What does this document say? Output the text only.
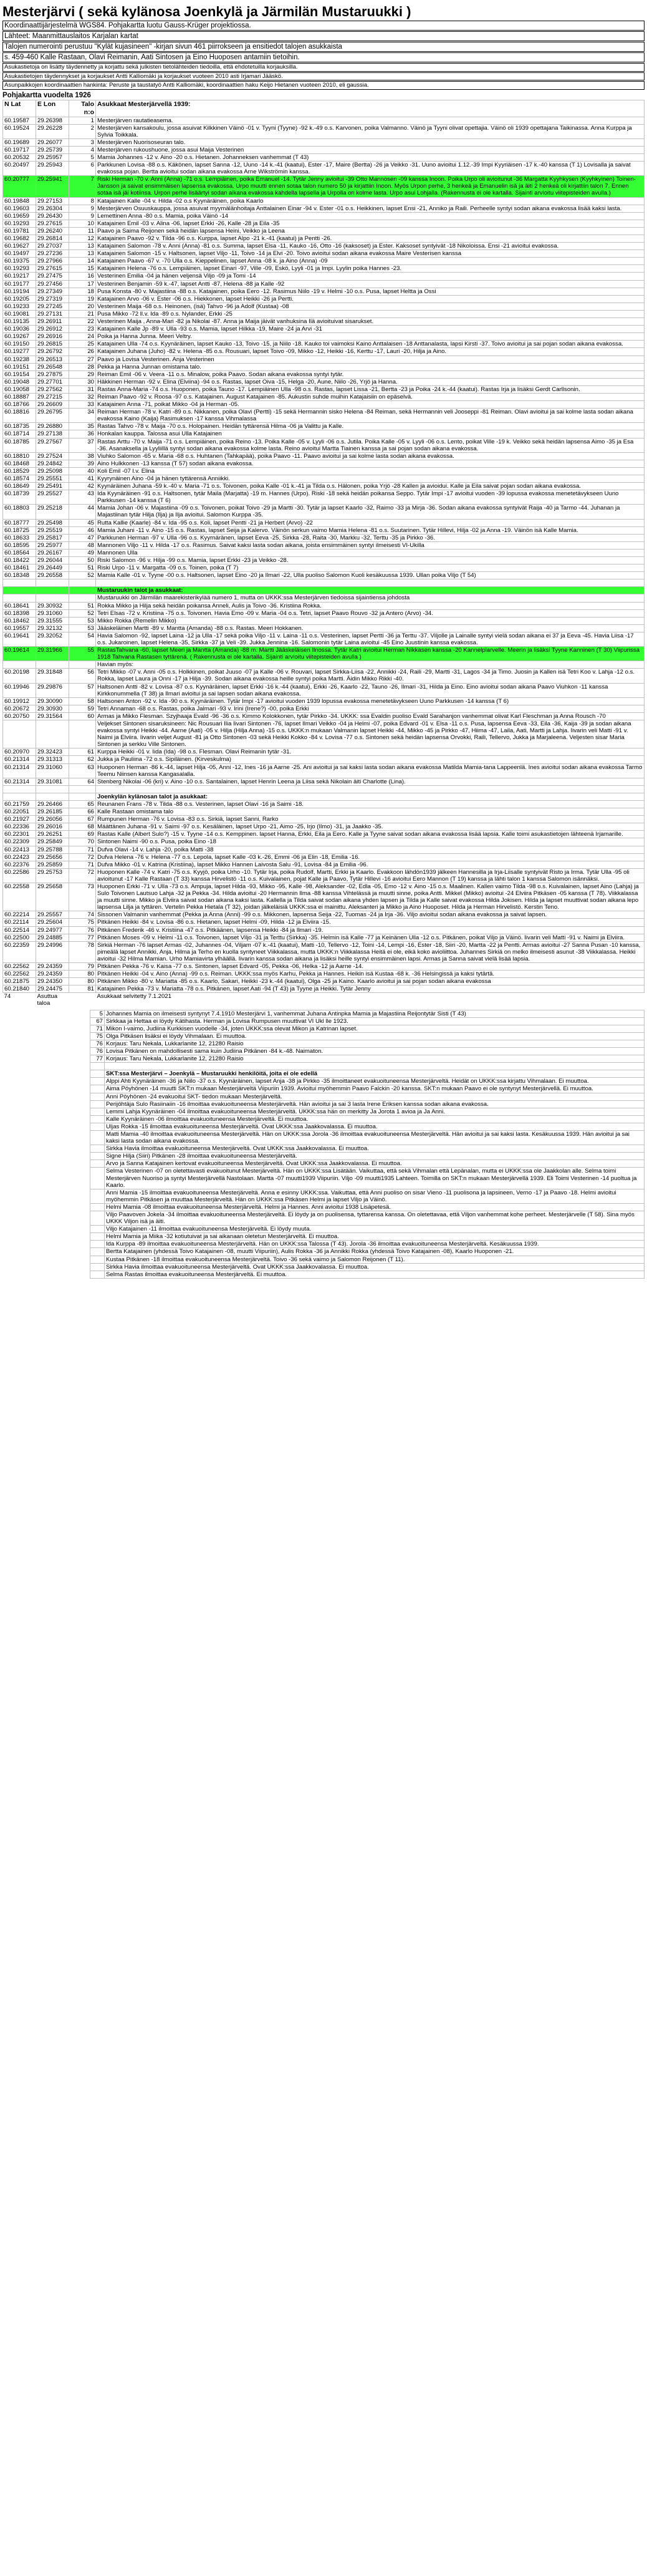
Mesterjärvi ( sekä kylänosa Joenkylä ja Järmilän Mustaruukki )
Koordinaattijärjestelmä WGS84. Pohjakartta luotu Gauss-Krüger projektiossa.
Lähteet: Maanmittauslaitos Karjalan kartat
Talojen numerointi perustuu "Kylät kujasineen" -kirjan sivun 461 piirrokseen ja ensitiedot talojen asukkaista
s. 459-460 Kalle Rastaan, Olavi Reimanin, Aati Sintosen ja Eino Huoposen antamiin tietoihin.
Asukastietoja on lisätty täydennetty ja korjattu sekä julkisten tietolähteiden tiedoilla, että ehdotetuilla korjauksilla.
Asukastietojen täydennykset ja korjaukset Antti Kalliomäki ja korjaukset vuoteen 2010 asti Irjamari Jääskö.
Asunpaikkojen koordinaattien hankinta: Peruste ja taustatyö Antti Kalliomäki, koordinaattien haku Keijo Hietanen vuoteen 2010, eli gaussia.
Pohjakartta vuodelta 1926
N Lat	E Lon	Talo n:o	Asukkaat Mesterjärvellä 1939:
60.19587	29.26398	1	Mesterjärven rautatieasema.
60.19524	29.26228	2	Mesterjärven kansakoulu, jossa asuivat Kilkkinen Väinö -01 v. Tyyni (Tyyne) -92 k.-49 o.s. Karvonen, poika Valmanno. Väinö ja Tyyni olivat opettajia. Väinö oli 1939 opettajana Taikinassa. Anna Kurppa ja Sylvia Toikkala.
60.19689	29.26077	3	Mesterjärven Nuorisoseuran talo.
60.19717	29.25739	4	Mesterjärven rukoushuone, jossa asui Maija Vesterinen
60.20532	29.25957	5	Mamia Johannes -12 v. Aino -20 o.s. Hietanen. Johanneksen vanhemmat (T 43)
60.20497	29.25943	6	Parkkunen Lovisa -88 o.s. Käkönen, lapset Sanna -12, Uuno -14 k.-41 (kaatui), Ester -17, Maire (Bertta) -26 ja Veikko -31. Uuno avioitui 1.12.-39 Impi Kyyriäisen -17 k.-40 kanssa (T 1) Lovisalla ja saivat evakossa pojan. Bertta avioitui sodan aikana evakossa Arne Wikströmin kanssa.
60.20777	29.25941	7	Riski Herman -70 v. Anni (Anna) -71 o.s. Lempiäinen, poika Emanuel -14. Tytär Jenny avioitui -39 Otto Mannosen -09 kanssa Inoon. Poika Urpo oli avioitunut -36 Margatta Kyyhkysen (Kyyhkyinen) Toinen-Jansson ja saivat ensimmäisen lapsensa evakossa. Urpo muutti ennen sotaa talon numero 50 ja kirjattiin Inoon. Myös Urpon perhe, 3 henkeä ja Emanuelin isä ja äiti 2 henkeä oli kirjattiin talon 7. Ennen sotaa isä jäi kotiinsa. Urpon perhe lisäärtyi sodan aikana evakossa kahdella lapsella ja Urpolla on kolme lasta. Urpo asui Lohjalla. (Rakennusta ei ole kartalla. Sijainti arvioitu viitepisteiden avulla.)
60.19848	29.27153	8	Katajainen Kalle -04 v. Hilda -02 o.s Kyynäräinen, poika Kaarlo
60.19603	29.26304	9	Mesterjärven Osuuskauppa, jossa asuivat myymälänhoitaja Anttalainen Einar -94 v. Ester -01 o.s. Heikkinen, lapset Ensi -21, Anniko ja Raili. Perheelle syntyi sodan aikana evakossa lisää kaksi lasta.
60.19659	29.26430	9	Lemettinen Anna -80 o.s. Mamia, poika Väinö -14
60.19293	29.27615	10	Katajainen Emil -03 v. Alina -06, lapset Erkki -26, Kalle -28 ja Eila -35
60.19781	29.26240	11	Paavo ja Saima Reijonen sekä heidän lapsensa Heini, Veikko ja Leena
60.19682	29.26814	12	Katajainen Paavo -92 v. Tilda -96 o.s. Kurppa, lapset Alpo -21 k.-41 (kaatui) ja Pentti -26.
60.19627	29.27037	13	Katajainen Salomon -78 v. Anni (Anna) -81 o.s. Summa, lapset Elsa -11, Kauko -16, Otto -16 (kaksoset) ja Ester. Kaksoset syntyivät -18 Nikoloissa. Ensi -21 avioitui evakossa.
60.19497	29.27236	13	Katajainen Salomon -15 v. Haltsonen, lapset Viljo -11, Toivo -14 ja Elvi -20. Toivo avioitui sodan aikana evakossa Maire Vesterisen kanssa
60.19375	29.27966	14	Katajainen Paavo -67 v. -70 Ulla o.s. Kieppelinen, lapset Anna -08 k. ja Aino (Anna) -09
60.19293	29.27615	15	Katajainen Helena -76 o.s. Lempiäinen, lapset Einari -97, Ville -09, Eskö, Lyyli -01 ja Impi. Lyylin poika Hannes -23.
60.19217	29.27475	16	Vesterinen Emilia -04 ja hänen veljensä Viljo -09 ja Tomi -14
60.19177	29.27456	17	Vesterinen Benjamin -59 k.-47, lapset Antti -87, Helena -88 ja Kalle -92
60.19194	29.27349	18	Pusa Konsta -80 v. Majastiina -88 o.s. Katajainen, poika Eero -12. Rasimus Niilo -19 v. Helmi -10 o.s. Pusa, lapset Heltta ja Ossi
60.19205	29.27319	19	Katajainen Arvo -06 v. Ester -06 o.s. Hiekkonen, lapset Heikki -26 ja Pertti.
60.19233	29.27245	20	Vesterinen Maija -68 o.s. Heinonen, (isä) Tahvo -96 ja Adolf (Kustaa) -08
60.19081	29.27131	21	Pusa Mikko -72 ll.v. Ida -89 o.s. Nylander, Erkki -25
60.19135	29.26911	22	Vesterinen Maija , Anna-Mari -82 ja Nikolai -87. Anna ja Maija jäivät vanhuksina Ilä avioituivat sisarukset.
60.19036	29.26912	23	Katajainen Kalle Jp -89 v. Ulla -93 o.s. Mamia, lapset Hilkka -19, Maire -24 ja Arvi -31
60.19267	29.26916	24	Poika ja Hanna Junna. Meeri Veltry.
60.19150	29.26815	25	Katajainen Ulla -74 o.s. Kyynäräinen, lapset Kauko -13, Toivo -15, ja Niilo -18. Kauko toi vaimoksi Kaino Anttalaisen -18 Anttanalasta, lapsi Kirsti -37. Toivo avioitui ja sai pojan sodan aikana evakossa.
60.19277	29.26792	26	Katajainen Juhana (Juho) -82 v. Helena -85 o.s. Rousuari, lapset Toivo -09, Mikko -12, Heikki -16, Kerttu -17, Lauri -20, Hilja ja Aino.
60.19238	29.26513	27	Paavo ja Lovisa Vesterinen. Anja Vesterinen
60.19151	29.26548	28	Pekka ja Hanna Junnan omistama talo.
60.19154	29.27875	29	Reiman Emil -06 v. Veera -11 o.s. Minalow, poika Paavo. Sodan aikana evakossa syntyi tytär.
60.19048	29.27701	30	Häkkinen Herman -92 v. Elina (Elviina) -94 o.s. Rastas, lapset Oiva -15, Helga -20, Aune, Niilo -26, Yrjö ja Hanna.
60.19058	29.27562	31	Rastas Anna-Maria -74 o.s. Huoponen, poika Tauno -17. Lempiäinen Ulla -98 o.s. Rastas, lapset Lissa -21, Bertta -23 ja Poika -24 k.-44 (kaatui). Rastas Irja ja lisäksi Gerdt Carllsonin.
60.18887	29.27215	32	Reiman Paavo -92 v. Roosa -97 o.s. Katajainen. August Katajainen -85. Aukustin suhde muihin Katajaisiin on epäselvä.
60.18766	29.26609	33	Katajainen Anna -71, poikat Mikko -04 ja Herman -05.
60.18816	29.26795	34	Reiman Herman -78 v. Katri -89 o.s. Nikkanen, poika Olavi (Pertti) -15 sekä Hermannin sisko Helena -84 Reiman, sekä Hermannin veli Jooseppi -81 Reiman. Olavi avioitui ja sai kolme lasta sodan aikana evakossa Kaino (Kaija) Rasimuksen -17 kanssa Vihmalassa
60.18735	29.26880	35	Rastas Tahvo -78 v. Maija -70 o.s. Holopainen. Heidän tyttärensä Hilma -06 ja Valittu ja Kalle.
60.18714	29.27138	36	Honkalan kauppa. Talossa asui Ulla Katajainen
60.18785	29.27567	37	Rastas Arttu -70 v. Maija -71 o.s. Lempiäinen, poika Reino -13. Poika Kalle -05 v. Lyyli -06 o.s. Jutila. Poika Kalle -05 v. Lyyli -06 o.s. Lento, poikat Ville -19 k. Veikko sekä heidän lapsensa Aimo -35 ja Esa -36. Asanaksella ja Lyyliillä syntyi sodan aikana evakossa kolme lasta. Reino avioitui Martta Tiainen kanssa ja sai pojan sodan aikana evakossa.
60.18810	29.27524	38	Viuhko Salomon -65 v. Maria -68 o.s. Huhtanen (Tahkapää), poika Paavo -11. Paavo avioitui ja sai kolme lasta sodan aikana evakossa.
60.18468	29.24842	39	Aino Hulkkonen -13 kanssa (T 57) sodan aikana evakossa.
60.18529	29.25098	40	Koli Emil -07 l.v. Elina
60.18574	29.25551	41	Kyyrynäinen Aino -04 ja hänen tyttärensä Anniikki.
60.18649	29.25491	42	Kyynäräinen Juhana -59 k.-40 v. Maria -71 o.s. Toivonen, poika Kalle -01 k.-41 ja Tilda o.s. Hälonen, poika Yrjö -28 Kallen ja avioidui. Kalle ja Eila saivat pojan sodan aikana evakossa.
60.18739	29.25527	43	Ida Kyynäräinen -91 o.s. Haltsonen, tytär Maila (Marjatta) -19 m. Hannes (Urpo). Riski -18 sekä heidän poikansa Seppo. Tytär Impi -17 avioitui vuoden -39 lopussa evakossa menetetävykseen Uuno Parkkusen -14 kanssa (T 6)
60.18803	29.25218	44	Mamia Johan -06 v. Majastiina -09 o.s. Toivonen, poikat Toivo -29 ja Martti -30. Tytär ja lapset Kaarlo -32, Raimo -33 ja Mirja -36. Sodan aikana evakossa syntyivät Raija -40 ja Tarmo -44. Juhanan ja Majastiinan tytär Hilja (Ilja) ja Ilja avioitui. Salomon Kurppa -35.
60.18777	29.25498	45	Rutta Kallie (Kaarle) -84 v. Ida -95 o.s. Koli, lapset Pentti -21 ja Herbert (Arvo) -22
60.18725	29.25519	46	Mamia Juhani -11 v. Aino -15 o.s. Rastas, lapset Seija ja Kalervo. Väinön serkun vaimo Mamia Helena -81 o.s. Suutarinen. Tytär Hillevi, Hilja -02 ja Anna -19. Väinön isä Kalle Mamia.
60.18633	29.25817	47	Parkkunen Herman -97 v. Ulla -96 o.s. Kyyrnäränen, lapset Eeva -25, Sirkka -28, Raita -30, Markku -32, Terttu -35 ja Pirkko -36.
60.18595	29.25977	48	Mannonen Viljo -11 v. Hilda -17 o.s. Rasimus. Saivat kaksi lasta sodan aikana, joista ensimmäinen syntyi ilmeisesti VI-Ukilla
60.18564	29.26167	49	Mannonen Ulla
60.18422	29.26044	50	Riski Salomon -96 v. Hilja -99 o.s. Mamia, lapset Erkki -23 ja Veikko -28.
60.18461	29.26449	51	Riski Urpo -11 v. Margatta -09 o.s. Toinen, poika (T 7)
60.18348	29.26558	52	Mamia Kalle -01 v. Tyyne -00 o.s. Haltsonen, lapset Eino -20 ja Ilmari -22, Ulla puoliso Salomon Kuoli kesäkuussa 1939. Ullan poika Viljo (T 54)

			Mustaruukin talot ja asukkaat:
			Mustaruukki on Järmilän maarekisterikylää numero 1, mutta on UKKK:ssa Mesterjärven tiedoissa sijaintiensa johdosta
60.18641	29.30932	51	Rokka Mikko ja Hilja sekä heidän poikansa Anneli, Aulis ja Toivo -36. Kristiina Rokka.
60.18398	29.31060	52	Tetri Elsas -72 v. Kristiina -75 o.s. Toivonen. Havia Emo -09 v. Maria -04 o.s. Tetri, lapset Paavo Rouvo -32 ja Antero (Arvo) -34.
60.18462	29.31555	53	Mikko Rokka (Remelin Mikko)
60.19557	29.32132	53	Jääskeläinen Martti -89 v. Mantta (Amanda) -88 o.s. Rastas. Meeri Hokkanen.
60.19641	29.32052	54	Havia Salomon -92, lapset Laina -12 ja Ulla -17 sekä poika Viljo -11 v. Laina -11 o.s. Vesterinen, lapset Pertti -36 ja Terttu -37. Viljolle ja Lainalle syntyi vielä sodan aikana ei 37 ja Eeva -45. Havia Liisa -17 o.s. Jukaroinen, lapset Helena -35, Sirkka -37 ja Veli -39. Jukka Jennina -16. Salomonin tytär Laina avioitui -45 Eino Juustinin kanssa evakossa.
60.19614	29.31966	55	RastasTahvana -60, lapset Meeri ja Mantta (Amanda) -88 m. Martti Jääskeläisen Ilnossa. Tytär Katri avioitui Herman Nikkasen kanssa -20 Kannelplarvelle. Meerin ja lisäksi Tyyne Kanninen (T 30) Viipurissa 1918 Tahvana Rastasen tyttärenä. ( Rakennusta ei ole kartalla. Sijainti arvioitu viitepisteiden avulla )
			Havian myös:
60.20198	29.31848	56	Tetri Mikko -07 v. Anni -05 o.s. Holkkinen, poikat Juuso -07 ja Kalle -06 v. Rouvari, lapset Sirkka-Liisa -22, Annikki -24, Raili -29, Martti -31, Lagos -34 ja Timo. Juosin ja Kallen isä Tetri Koo v. Lahja -12 o.s. Rokka, lapset Laura ja Onni -17 ja Hilja -39. Sodan aikana evakossa heille syntyi poika Martti. Äidin Mikko Rikki -40.
60.19946	29.29876	57	Haltsonen Antti -82 v. Lovisa -87 o.s. Kyynäräinen, lapset Erkki -16 k.-44 (kaatui), Erkki -26, Kaarlo -22, Tauno -26, Ilmari -31, Hilda ja Eino. Eino avioitui sodan aikana Paavo Viuhkon -11 kanssa Kirkkonummella (T 38) ja Ilmari avioitui ja sai lapsen sodan aikana evakossa.
60.19912	29.30090	58	Haltsonen Anton -92 v. Ida -90 o.s. Kyynäräinen. Tytär Impi -17 avioitui vuoden 1939 lopussa evakossa menetetävykseen Uuno Parkkusen -14 kanssa (T 6)
60.20672	29.30930	59	Tetri Annaman -68 o.s. Rastas, poika Jalmari -93 v. Irini (Irene?) -00, poika Erkki
60.20750	29.31564	60	Armas ja Mikko Flesman. Szyjhaaja Evald -96 -36 o.s. Kimmo Kolokkonen, tytär Pirkko -34. UKKK: ssa Evaldin puoliso Evald Sarahanjon vanhemmat olivat Karl Fleschman ja Anna Rousch -70
			Veljekset Sintonen sisaruksineen: Nic Rousuari Ilia Iivari Sintonen -76, lapset Ilmari Veikko -04 ja Helmi -07, poika Edvard -01 v. Elsa -11 o.s. Pusa, lapsensa Eeva -33, Eila -36, Kaija -39 ja sodan aikana evakossa syntyi Heikki -44. Aarne (Aati) -05 v. Hilja (Hilja Anna) -15 o.s. UKKK:n mukaan Valmanin lapset Heikki -44, Mikko -45 ja Pirkko -47, Hiima -47, Laila, Aati, Martti ja Lahja. Iivarin veli Matti -91 v. Naimi ja Elviira. Iivarin veljet August -81 ja Otto Sintonen -03 sekä Heikki Kokko -84 v. Lovisa -77 o.s. Sintonen sekä heidän lapsensa Orvokki, Raili, Tellervo, Jukka ja Marjaleena. Veljesten sisar Maria Sintonen ja serkku Ville Sintonen.
60.20970	29.32423	61	Kurppa Heikki -01 v. Iida (Ida) -98 o.s. Flesman. Olavi Reimanin tytär -31.
60.21314	29.31313	62	Jukka ja Pauliina -72 o.s. Sipiläinen. (Kirveskulma)
60.21314	29.31060	63	Huoponen Herman -86 k.-44, lapset Hilja -05, Anni -12, Ines -16 ja Aarne -25. Ani avioitui ja sai kaksi lasta sodan aikana evakossa Matilda Mamia-tana Lappeenlä. Ines avioitui sodan aikana evakossa Tarmo Teemu Niinsen kanssa Kangasalalla.
60.21314	29.31081	64	Stenberg Nikolai -06 (kri) v. Aino -10 o.s. Santalainen, lapset Henrin Leena ja Liisa sekä Nikolain äiti Charlotte (Lina).

			Joenkylän kylänosan talot ja asukkaat:
60.21759	29.26466	65	Reunanen Frans -78 v. Tilda -88 o.s. Vesterinen, lapset Olavi -16 ja Saimi -18.
60.22051	29.26185	66	Kalle Rastaan omistama talo
60.21927	29.26056	67	Rumpunen Herman -76 v. Lovisa -83 o.s. Sirkiä, lapset Sanni, Rarko
60.22336	29.26016	68	Määttänen Juhana -91 v. Saimi -97 o.s. Kesäläinen, lapset Urpo -21, Aimo -25, Irjo (Ilmo) -31, ja Jaakko -35.
60.22301	29.26251	69	Rastas Kalle (Albert Sulo?) -15 v. Tyyne -14 o.s. Kemppinen. lapset Hanna, Erkki, Eila ja Eero. Kalle ja Tyyne saivat sodan aikana evakossa lisää lapsia. Kalle toimi asukastietojen lähteenä Irjamarille.
60.22309	29.25849	70	Sintonen Naimi -90 o.s. Pusa, poika Eino -18
60.22413	29.25788	71	Dufva Olavi -14 v. Lahja -20, poika Matti -38
60.22423	29.25656	72	Dufva Helena -76 v. Helena -77 o.s. Lepola, lapset Kalle -03 k.-26, Emmi -06 ja Elin -18, Emilia -16.
60.22376	29.25859	71	Dufva Mikko -01 v. Katrina (Kristiina), lapset Mikko Hannen Laivosta Salu -91, Lovisa -84 ja Emilia -96.
60.22586	29.25753	72	Huoponen Kalle -74 v. Katri -75 o.s. Kyyjö, poika Urho -10. Tytär Irja, poika Rudolf, Martti, Erkki ja Kaarlo. Evakkoon lähdön1939 jälkeen Hannesilla ja Irja-Liisalle syntyivät Risto ja Irma. Tytär Ulla -95 oli avioitunut -17 Kalle Rastaan (T 33) kanssa Hirvelistö -11 o.s. Kuivalainen, pojat Kalle ja Paavo, Tytär Hillevi -16 avioitui Eero Mannon (T 19) kanssa ja lähti talon 1 kanssa Salomon isännäksi.
60.22558	29.25658	73	Huoponen Erkki -71 v. Ulla -73 o.s. Ampuja, lapset Hilda -93, Mikko -95, Kalle -98, Aleksander -02, Edla -05, Emo -12 v. Aino -15 o.s. Maalinen. Kallen vaimo Tilda -98 o.s. Kuivalainen, lapset Aino (Lahja) ja Sulo Toivonen Lautsuo Lahja -32 ja Pekka -34. Hilda avioitui -20 Hermannin Ilma -88 kanssa Vihtelässä ja muutti sinne, poika Antti. Mikkel (Mikko) avioitui -24 Elviira Pitkäsen -05 kanssa (T 78). Viikkalassa ja muutti sinne. Mikko ja Elviira saivat sodan aikana kaksi lasta. Kallella ja Tilda saivat sodan aikana yhden lapsen ja Tilda ja Kalle saivat evakossa Hilda Jokisen. Hilda ja lapset muuttivat sodan aikana lepo lapsensa Lilja ja tyttären. Vertelin Pekka Hietala (T 32), joidan jälkeläisiä UKKK:ssa ei mainittu. Aleksanteri ja Mikko ja Aino Huoposet. Hilda ja Herman Hirvelistö. Kerstin Teno.
60.22214	29.25557	74	Sissonen Valmanin vanhemmat (Pekka ja Anna (Anni) -99 o.s. Mikkonen, lapsensa Seija -22, Tuomas -24 ja Irja -36. Viljo avioitui sodan aikana evakossa ja saivat lapsen.
60.22114	29.25604	75	Pitkänen Heikki -84 v. Lovisa -86 o.s. Hietanen, lapset Helmi -09, Hilda -12 ja Elviira -15.
60.22514	29.24977	76	Pitkänen Frederik -46 v. Kristiina -47 o.s. Pitkäänen, lapsensa Heikki -84 ja Ilmari -19.
60.22500	29.24885	77	Pitkänen Moses -09 v. Helmi -11 o.s. Toivonen, lapset Viljo -31 ja Terttu (Sirkka) -35. Helmin isä Kalle -77 ja Keinänen Ulla -12 o.s. Pitkänen, poikat Viljo ja Väinö. Iivarin veli Matti -91 v. Naimi ja Elviira.
60.22359	29.24996	78	Sirkiä Herman -76 lapset Armas -02, Juhannes -04, Viljam -07 k.-41 (kaatui), Matti -10, Tellervo -12, Toini -14, Lempi -16, Ester -18, Siiri -20, Martta -22 ja Pentti. Armas avioitui -27 Sanna Pusan -10 kanssa, pimeälä lapset Annikki, Anja, Hilma ja Terho en kuolla syntyneet Viikkalassa, mutta UKKK:n Viikkalassa Heitä ei ole, eikä koko avioliittoa. Juhannes Sirkiä on melko ilmeisesti asunut -38 Viikkalassa. Heikki avioitui -32 Hilma Mamian. Urho Mamiavirta ylhäällä. Iivarin kanssa sodan aikana ja lisäksi heille syntyi ensimmäinen lapsi. Armas ja Sanna saivat vielä lisää lapsia.
60.22562	29.24359	79	Pitkänen Pekka -76 v. Kaisa -77 o.s. Sintonen, lapset Edvard -05, Pekka -06, Helka -12 ja Aarne -14.
60.22562	29.24359	80	Pitkänen Heikki -04 v. Aino (Anna) -99 o.s. Reiman. UKKK:ssa myös Karhu, Pekka ja Hannes. Heikin isä Kustaa -68 k. -36 Helsingissä ja kaksi tytärtä.
60.21875	29.24350	80	Pitkänen Mikko -80 v. Mariatta -85 o.s. Kaarlo, Sakari, Heikki -23 k.-44 (kaatui), Olga -25 ja Kaino. Kaarlo avioitui ja sai pojan sodan aikana evakossa
60.21840	29.24475	81	Katajainen Pekka -73 v. Mariatta -78 o.s. Pitkänen, lapset Aati -94 (T 43) ja Tyyne ja Heikki. Tytär Jenny
74	Asuttua taloa		Asukkaat selvitetty 7.1.2021
	5	Johannes Mamia on ilmeisesti syntynyt 7.4.1910 Mesterjärvi 1, vanhemmat Juhana Antinpka Mamia ja Majastiina Reijontytär Sisti (T 43)
	67	Sirkkaa ja Hettaa ei löydy Kätihasta. Herman ja Lovisa Rumpusen muuttivat VI Ukl lle 1923.
	71	Mikon I-vaimo, Judiina Kurkkisen vuodelle -34, joten UKKK:ssa olevat Mikon ja Katrinan lapset.
	75	Olga Pitkäsen lisäksi ei löydy Vihmalaan. Ei muuttoa.
	76	Korjaus: Taru Nekala, Lukkarlanite 12, 21280 Raisio
	76	Lovisa Pitkänen on mahdollisesti sama kuin Judiina Pitkänen -84 k.-48. Naimaton.
	77	Korjaus: Taru Nekala, Lukkarlanite 12, 21280 Raisio

		SKT:ssa Mesterjärvi – Joenkylä – Mustaruukki henkilöitä, joita ei ole edellä
		Alppi Ahti Kyynäräinen -36 ja Niilo -37 o.s. Kyynäräinen, lapset Anja -38 ja Pirkko -35 ilmoittaneet evakuoituneensa Mesterjärveltä. Heidät on UKKK:ssa kirjattu Vihmalaan. Ei muuttoa.
		Aima Pöyhönen -14 muutti SKT:n mukaan Mesterjärveltä Viipuriin 1939. Avioitui myöhemmin Paavo Falckin -20 kanssa. SKT:n mukaan Paavo ei ole syntynyt Mesterjärvellä. Ei muuttoa.
		Anni Pöyhönen -24 evakuoitui SKT- tiedon mukaan Mesterjärveltä.
		Perijöhtäja Sulo Rasiinaiin -16 ilmoittaa evakuoituneensa Mesterjärveltä. Hän avioitui ja sai 3 lasta Irene Eriksen kanssa sodan aikana evakossa.
		Lemmi Lahja Kyynäräinen -04 ilmoittaa evakuoituneensa Mesterjärveltä. UKKK:ssa hän on merkitty Ja Jorota 1 avioa ja Ja Anni.
		Kalle Kyynäräinen -06 ilmoittaa evakuoituneensa Mesterjärveltä. Ei muuttoa.
		Uljas Rokka -15 ilmoittaa evakuoituneensa Mesterjärveltä. Ovat UKKK:ssa Jaakkovalassa. Ei muuttoa.
		Matti Mamia -40 ilmoittaa evakuoituneensa Mesterjärveltä. Hän on UKKK:ssa Jorola -36 ilmoittaa evakuoituneensa Mesterjärveltä. Hän avioitui ja sai kaksi lasta. Kesäkuussa 1939. Hän avioitui ja sai kaksi lasta sodan aikana evakossa.
		Sirkka Havia ilmoittaa evakuoituneensa Mesterjärveltä. Ovat UKKK:ssa Jaakkovalassa. Ei muuttoa.
		Signe Hilja (Siiri) Pitkänen -28 ilmoittaa evakuoituneensa Mesterjärveltä.
		Arvo ja Sanna Katajainen kertovat evakuoituneensa Mesterjärveltä. Ovat UKKK:ssa Jaakkovalassa. Ei muuttoa.
		Selma Vesterinen -07 on oletettavasti evakuoitunut Mesterjärveltä. Hän on UKKK:ssa Lisätään. Vaikuttaa, että sekä Vihmalan että Lepänalan, mutta ei UKKK:ssa ole Jaakkolan alle. Selma toimi Mesterjärven Nuoriso ja syntyi Mesterjärvellä Nastolaan. Martta -07 muutti1939 Viipuriin. Viljo -09 muutti1935 Lahteen. Toimilla on SKT:n mukaan Mesterjärvellä 1939. Eli Toimi Vesterinen -14 puoltua ja Kaarlo.
		Anni Mamia -15 ilmoittaa evakuoituneensa Mesterjärveltä. Anna e esinny UKKK:ssa. Vaikuttaa, että Anni puoliso on sisar Vieno -11 puolisona ja lapsineen, Verno -17 ja Paavo -18. Helmi avioitui myöhemmin Pitkäsen ja muuttaa Mesterjärveltä. Hän on UKKK:ssa Pitkäsen Helmi ja lapset Viljo ja Väinö.
		Helmi Mamia -08 ilmoittaa evakuoituneensa Mesterjärveltä. Helmi ja Hannes. Anni avioitui 1938 Lisäpetesä.
		Viljo Paavoven Jokela -34 ilmoittaa evakuoituneensa Mesterjärveltä. Ei löydy ja on puolisensa, tyttarensa kanssa. On oletettavaa, että Viljon vanhemmat kohe perheet. Mesterjärvelle (T 58). Sina myös UKKK Viljon isä ja äiti.
		Viljo Katajainen -11 ilmoittaa evakuoituneensa Mesterjärveltä. Ei löydy muuta.
		Helmi Mamia ja Miika -32 kotiutuivat ja sai aikanaan oletetun Mesterjärveltä. Ei muuttoa.
		Ida Kurppa -89 ilmoittaa evakuoituneensa Mesterjärveltä. Hän on UKKK:ssa Talossa (T 43). Jorola -36 ilmoittaa evakuoituneensa Mesterjärveltä. Kesäkuussa 1939.
		Bertta Katajainen (yhdessä Toivo Katajainen -08, muutti Viipuriin), Aulis Rokka -36 ja Annikki Rokka (yhdessä Toivo Katajainen -08), Kaarlo Huoponen -21.
		Kustaa Pitkänen -18 ilmoittaa evakuoituneensa Mesterjärveltä. Toivo -36 sekä vaimo ja Salomon Reijonen (T 11).
		Sirkka Havia ilmoittaa evakuoituneensa Mesterjärveltä. Ovat UKKK:ssa Jaakkovalassa. Ei muuttoa.
		Selma Rastas ilmoittaa evakuoituneensa Mesterjärveltä. Ei muuttoa.
